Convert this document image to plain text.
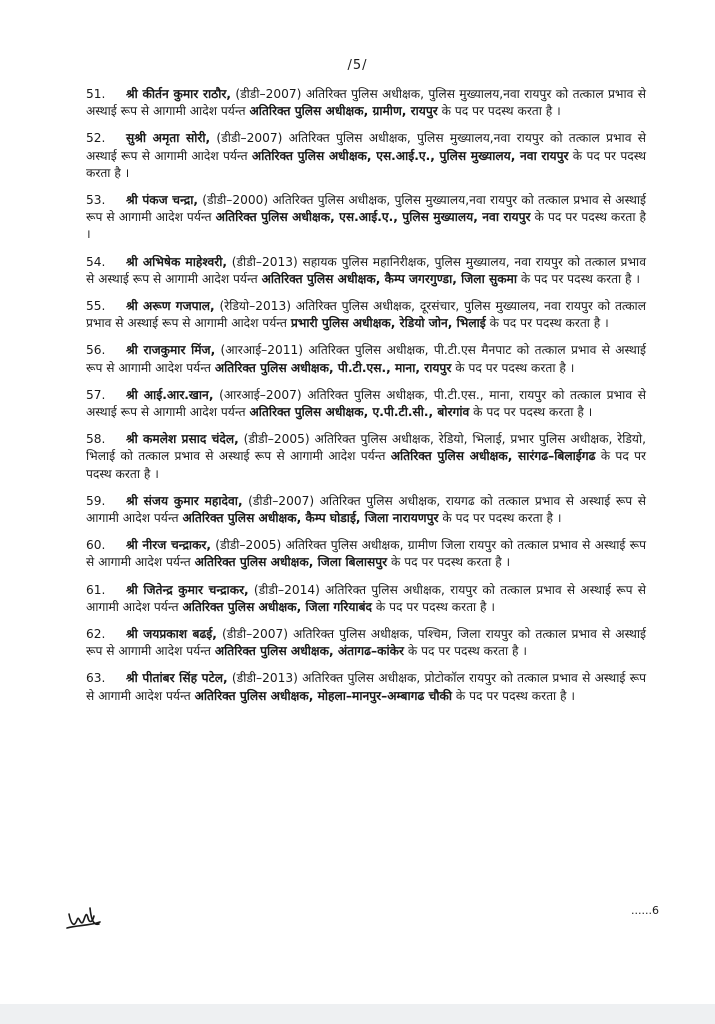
/5/

51. श्री कीर्तन कुमार राठौर, (डीडी–2007) अतिरिक्त पुलिस अधीक्षक, पुलिस मुख्यालय,नवा रायपुर को तत्काल प्रभाव से अस्थाई रूप से आगामी आदेश पर्यन्त अतिरिक्त पुलिस अधीक्षक, ग्रामीण, रायपुर के पद पर पदस्थ करता है ।

52. सुश्री अमृता सोरी, (डीडी–2007) अतिरिक्त पुलिस अधीक्षक, पुलिस मुख्यालय,नवा रायपुर को तत्काल प्रभाव से अस्थाई रूप से आगामी आदेश पर्यन्त अतिरिक्त पुलिस अधीक्षक, एस.आई.ए., पुलिस मुख्यालय, नवा रायपुर के पद पर पदस्थ करता है ।

53. श्री पंकज चन्द्रा, (डीडी–2000) अतिरिक्त पुलिस अधीक्षक, पुलिस मुख्यालय,नवा रायपुर को तत्काल प्रभाव से अस्थाई रूप से आगामी आदेश पर्यन्त अतिरिक्त पुलिस अधीक्षक, एस.आई.ए., पुलिस मुख्यालय, नवा रायपुर के पद पर पदस्थ करता है ।

54. श्री अभिषेक माहेश्वरी, (डीडी–2013) सहायक पुलिस महानिरीक्षक, पुलिस मुख्यालय, नवा रायपुर को तत्काल प्रभाव से अस्थाई रूप से आगामी आदेश पर्यन्त अतिरिक्त पुलिस अधीक्षक, कैम्प जगरगुण्डा, जिला सुकमा के पद पर पदस्थ करता है ।

55. श्री अरूण गजपाल, (रेडियो–2013) अतिरिक्त पुलिस अधीक्षक, दूरसंचार, पुलिस मुख्यालय, नवा रायपुर को तत्काल प्रभाव से अस्थाई रूप से आगामी आदेश पर्यन्त प्रभारी पुलिस अधीक्षक, रेडियो जोन, भिलाई के पद पर पदस्थ करता है ।

56. श्री राजकुमार मिंज, (आरआई–2011) अतिरिक्त पुलिस अधीक्षक, पी.टी.एस मैनपाट को तत्काल प्रभाव से अस्थाई रूप से आगामी आदेश पर्यन्त अतिरिक्त पुलिस अधीक्षक, पी.टी.एस., माना, रायपुर के पद पर पदस्थ करता है ।

57. श्री आई.आर.खान, (आरआई–2007) अतिरिक्त पुलिस अधीक्षक, पी.टी.एस., माना, रायपुर को तत्काल प्रभाव से अस्थाई रूप से आगामी आदेश पर्यन्त अतिरिक्त पुलिस अधीक्षक, ए.पी.टी.सी., बोरगांव के पद पर पदस्थ करता है ।

58. श्री कमलेश प्रसाद चंदेल, (डीडी–2005) अतिरिक्त पुलिस अधीक्षक, रेडियो, भिलाई, प्रभार पुलिस अधीक्षक, रेडियो, भिलाई को तत्काल प्रभाव से अस्थाई रूप से आगामी आदेश पर्यन्त अतिरिक्त पुलिस अधीक्षक, सारंगढ–बिलाईगढ के पद पर पदस्थ करता है ।

59. श्री संजय कुमार महादेवा, (डीडी–2007) अतिरिक्त पुलिस अधीक्षक, रायगढ को तत्काल प्रभाव से अस्थाई रूप से आगामी आदेश पर्यन्त अतिरिक्त पुलिस अधीक्षक, कैम्प घोडाई, जिला नारायणपुर के पद पर पदस्थ करता है ।

60. श्री नीरज चन्द्राकर, (डीडी–2005) अतिरिक्त पुलिस अधीक्षक, ग्रामीण जिला रायपुर को तत्काल प्रभाव से अस्थाई रूप से आगामी आदेश पर्यन्त अतिरिक्त पुलिस अधीक्षक, जिला बिलासपुर के पद पर पदस्थ करता है ।

61. श्री जितेन्द्र कुमार चन्द्राकर, (डीडी–2014) अतिरिक्त पुलिस अधीक्षक, रायपुर को तत्काल प्रभाव से अस्थाई रूप से आगामी आदेश पर्यन्त अतिरिक्त पुलिस अधीक्षक, जिला गरियाबंद के पद पर पदस्थ करता है ।

62. श्री जयप्रकाश बढई, (डीडी–2007) अतिरिक्त पुलिस अधीक्षक, पश्चिम, जिला रायपुर को तत्काल प्रभाव से अस्थाई रूप से आगामी आदेश पर्यन्त अतिरिक्त पुलिस अधीक्षक, अंतागढ–कांकेर के पद पर पदस्थ करता है ।

63. श्री पीतांबर सिंह पटेल, (डीडी–2013) अतिरिक्त पुलिस अधीक्षक, प्रोटोकॉल रायपुर को तत्काल प्रभाव से अस्थाई रूप से आगामी आदेश पर्यन्त अतिरिक्त पुलिस अधीक्षक, मोहला–मानपुर–अम्बागढ चौकी के पद पर पदस्थ करता है ।

......6
